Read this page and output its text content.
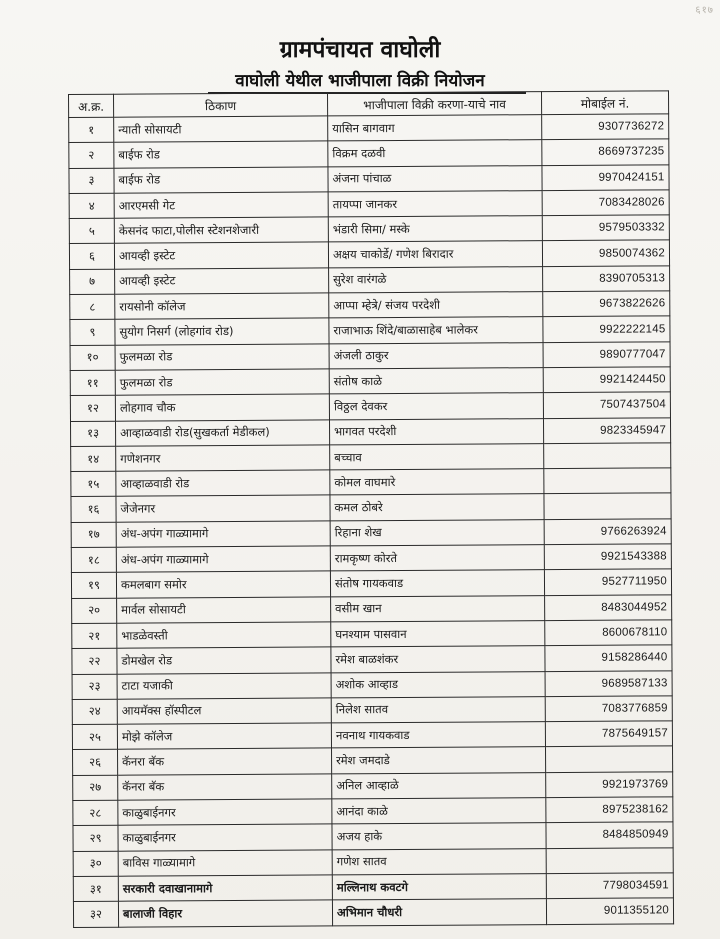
६१७
ग्रामपंचायत वाघोली
वाघोली येथील भाजीपाला विक्री नियोजन
अ.क्र.	ठिकाण	भाजीपाला विक्री करणा-याचे नाव	मोबाईल नं.
१	न्याती सोसायटी	यासिन बागवाग	9307736272
२	बाईफ रोड	विक्रम दळवी	8669737235
३	बाईफ रोड	अंजना पांचाळ	9970424151
४	आरएमसी गेट	तायप्पा जानकर	7083428026
५	केसनंद फाटा,पोलीस स्टेशनशेजारी	भंडारी सिमा/ मस्के	9579503332
६	आयव्ही इस्टेट	अक्षय चाकोर्डे/ गणेश बिरादार	9850074362
७	आयव्ही इस्टेट	सुरेश वारंगळे	8390705313
८	रायसोनी कॉलेज	आप्पा म्हेत्रे/ संजय परदेशी	9673822626
९	सुयोग निसर्ग (लोहगांव रोड)	राजाभाऊ शिंदे/बाळासाहेब भालेकर	9922222145
१०	फुलमळा रोड	अंजली ठाकुर	9890777047
११	फुलमळा रोड	संतोष काळे	9921424450
१२	लोहगाव चौक	विठ्ठल देवकर	7507437504
१३	आव्हाळवाडी रोड(सुखकर्ता मेडीकल)	भागवत परदेशी	9823345947
१४	गणेशनगर	बच्चाव	
१५	आव्हाळवाडी रोड	कोमल वाघमारे	
१६	जेजेनगर	कमल ठोबरे	
१७	अंध-अपंग गाळ्यामागे	रिहाना शेख	9766263924
१८	अंध-अपंग गाळ्यामागे	रामकृष्ण कोरते	9921543388
१९	कमलबाग समोर	संतोष गायकवाड	9527711950
२०	मार्वल सोसायटी	वसीम खान	8483044952
२१	भाडळेवस्ती	घनश्याम पासवान	8600678110
२२	डोमखेल रोड	रमेश बाळशंकर	9158286440
२३	टाटा यजाकी	अशोक आव्हाड	9689587133
२४	आयमॅक्स हॉस्पीटल	निलेश सातव	7083776859
२५	मोझे कॉलेज	नवनाथ गायकवाड	7875649157
२६	कॅनरा बॅक	रमेश जमदाडे	
२७	कॅनरा बॅक	अनिल आव्हाळे	9921973769
२८	काळुबाईनगर	आनंदा काळे	8975238162
२९	काळुबाईनगर	अजय हाके	8484850949
३०	बाविस गाळ्यामागे	गणेश सातव	
३१	सरकारी दवाखानामागे	मल्लिनाथ कवटगे	7798034591
३२	बालाजी विहार	अभिमान चौधरी	9011355120
